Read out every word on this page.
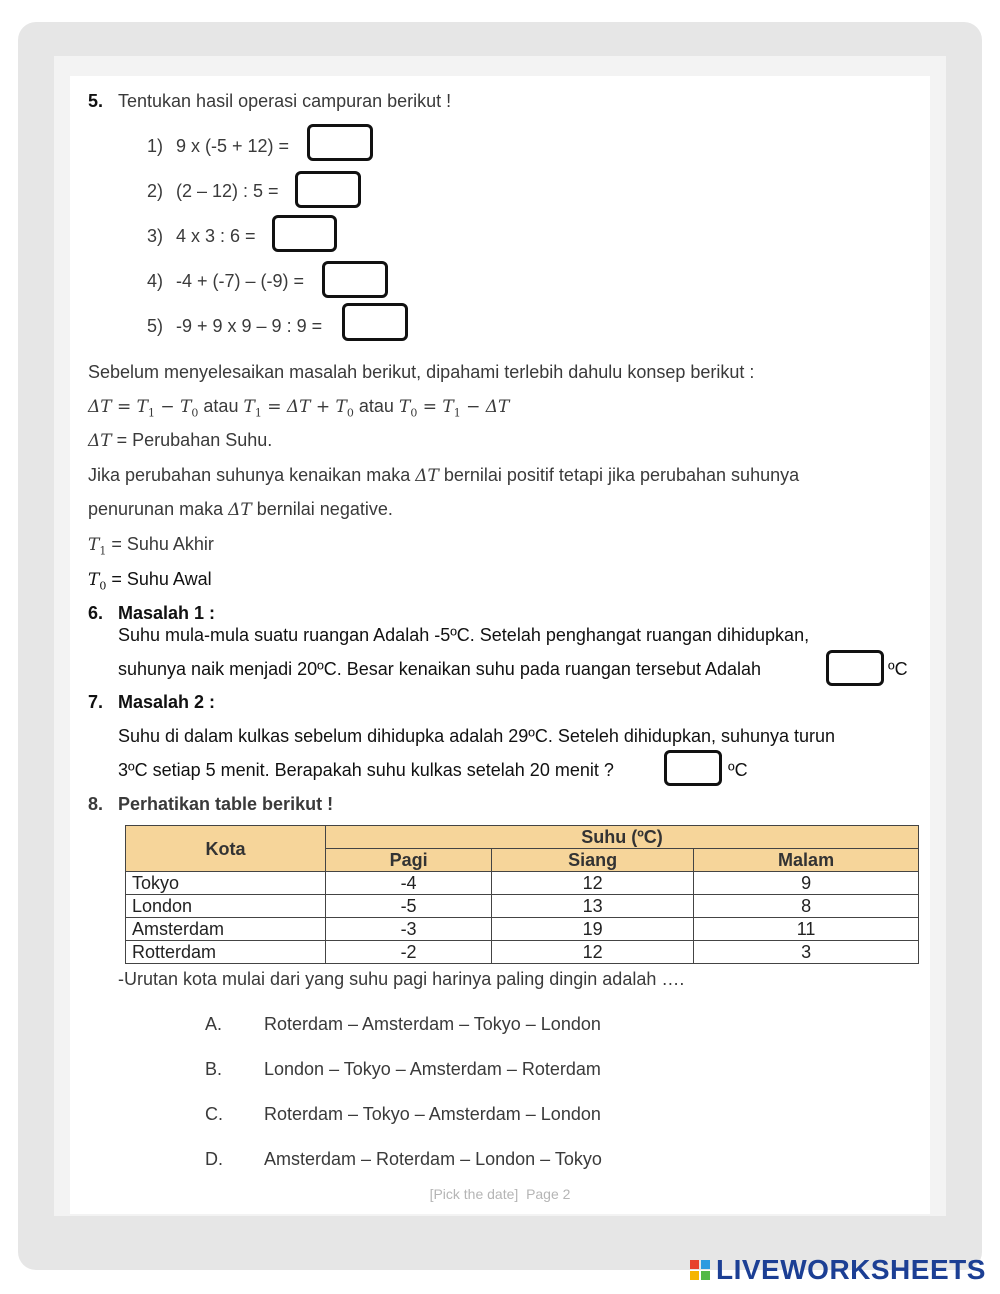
5. Tentukan hasil operasi campuran berikut !
1) 9 x (-5 + 12) =
2) (2 – 12) : 5 =
3) 4 x 3 : 6 =
4) -4 + (-7) – (-9) =
5) -9 + 9 x 9 – 9 : 9 =
Sebelum menyelesaikan masalah berikut, dipahami terlebih dahulu konsep berikut :
$\Delta T = T_1 - T_0$ atau $T_1 = \Delta T + T_0$ atau $T_0 = T_1 - \Delta T$
ΔT = Perubahan Suhu.
Jika perubahan suhunya kenaikan maka ΔT bernilai positif tetapi jika perubahan suhunya
penurunan maka ΔT bernilai negative.
$T_1$ = Suhu Akhir
$T_0$ = Suhu Awal
6. Masalah 1 :
Suhu mula-mula suatu ruangan Adalah -5ºC. Setelah penghangat ruangan dihidupkan,
suhunya naik menjadi 20ºC. Besar kenaikan suhu pada ruangan tersebut Adalah	ºC
7. Masalah 2 :
Suhu di dalam kulkas sebelum dihidupka adalah 29ºC. Seteleh dihidupkan, suhunya turun
3ºC setiap 5 menit. Berapakah suhu kulkas setelah 20 menit ?	ºC
8. Perhatikan table berikut !
Kota	Suhu (ºC)		
	Pagi	Siang	Malam
Tokyo	-4	12	9
London	-5	13	8
Amsterdam	-3	19	11
Rotterdam	-2	12	3
-Urutan kota mulai dari yang suhu pagi harinya paling dingin adalah ….
A. Roterdam – Amsterdam – Tokyo – London
B. London – Tokyo – Amsterdam – Roterdam
C. Roterdam – Tokyo – Amsterdam – London
D. Amsterdam – Roterdam – London – Tokyo
[Pick the date] Page 2
LIVEWORKSHEETS
